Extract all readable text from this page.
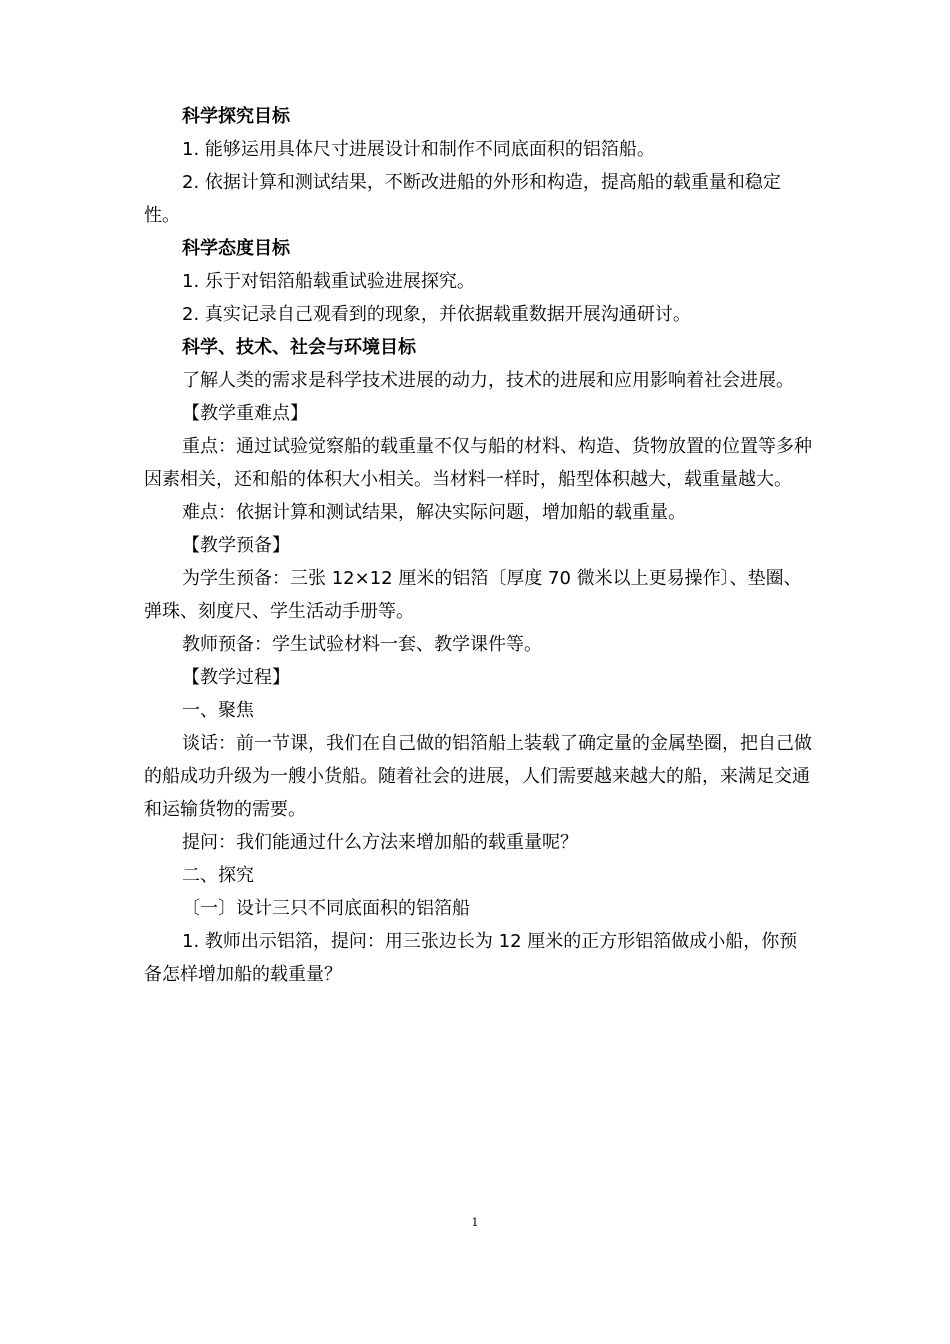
科学探究目标

1. 能够运用具体尺寸进展设计和制作不同底面积的铝箔船。

2. 依据计算和测试结果，不断改进船的外形和构造，提高船的载重量和稳定性。

科学态度目标

1. 乐于对铝箔船载重试验进展探究。

2. 真实记录自己观看到的现象，并依据载重数据开展沟通研讨。

科学、技术、社会与环境目标

了解人类的需求是科学技术进展的动力，技术的进展和应用影响着社会进展。

【教学重难点】

重点：通过试验觉察船的载重量不仅与船的材料、构造、货物放置的位置等多种因素相关，还和船的体积大小相关。当材料一样时，船型体积越大，载重量越大。

难点：依据计算和测试结果，解决实际问题，增加船的载重量。

【教学预备】

为学生预备：三张 12×12 厘米的铝箔〔厚度 70 微米以上更易操作〕、垫圈、弹珠、刻度尺、学生活动手册等。

教师预备：学生试验材料一套、教学课件等。

【教学过程】

一、聚焦

谈话：前一节课，我们在自己做的铝箔船上装载了确定量的金属垫圈，把自己做的船成功升级为一艘小货船。随着社会的进展，人们需要越来越大的船，来满足交通和运输货物的需要。

提问：我们能通过什么方法来增加船的载重量呢？

二、探究

〔一〕设计三只不同底面积的铝箔船

1. 教师出示铝箔，提问：用三张边长为 12 厘米的正方形铝箔做成小船，你预备怎样增加船的载重量？

1
